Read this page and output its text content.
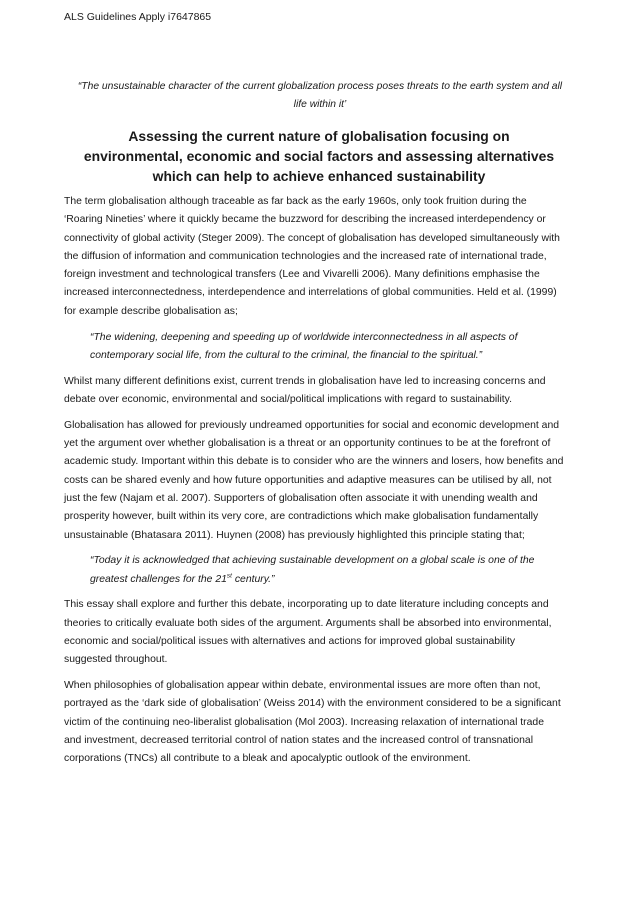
ALS Guidelines Apply i7647865
“The unsustainable character of the current globalization process poses threats to the earth system and all life within it’
Assessing the current nature of globalisation focusing on environmental, economic and social factors and assessing alternatives which can help to achieve enhanced sustainability

The term globalisation although traceable as far back as the early 1960s, only took fruition during the ‘Roaring Nineties’ where it quickly became the buzzword for describing the increased interdependency or connectivity of global activity (Steger 2009). The concept of globalisation has developed simultaneously with the diffusion of information and communication technologies and the increased rate of international trade, foreign investment and technological transfers (Lee and Vivarelli 2006). Many definitions emphasise the increased interconnectedness, interdependence and interrelations of global communities. Held et al. (1999) for example describe globalisation as;

“The widening, deepening and speeding up of worldwide interconnectedness in all aspects of contemporary social life, from the cultural to the criminal, the financial to the spiritual.”

Whilst many different definitions exist, current trends in globalisation have led to increasing concerns and debate over economic, environmental and social/political implications with regard to sustainability.

Globalisation has allowed for previously undreamed opportunities for social and economic development and yet the argument over whether globalisation is a threat or an opportunity continues to be at the forefront of academic study. Important within this debate is to consider who are the winners and losers, how benefits and costs can be shared evenly and how future opportunities and adaptive measures can be utilised by all, not just the few (Najam et al. 2007). Supporters of globalisation often associate it with unending wealth and prosperity however, built within its very core, are contradictions which make globalisation fundamentally unsustainable (Bhatasara 2011). Huynen (2008) has previously highlighted this principle stating that;

“Today it is acknowledged that achieving sustainable development on a global scale is one of the greatest challenges for the 21st century.”

This essay shall explore and further this debate, incorporating up to date literature including concepts and theories to critically evaluate both sides of the argument. Arguments shall be absorbed into environmental, economic and social/political issues with alternatives and actions for improved global sustainability suggested throughout.

When philosophies of globalisation appear within debate, environmental issues are more often than not, portrayed as the ‘dark side of globalisation’ (Weiss 2014) with the environment considered to be a significant victim of the continuing neo-liberalist globalisation (Mol 2003). Increasing relaxation of international trade and investment, decreased territorial control of nation states and the increased control of transnational corporations (TNCs) all contribute to a bleak and apocalyptic outlook of the environment.
